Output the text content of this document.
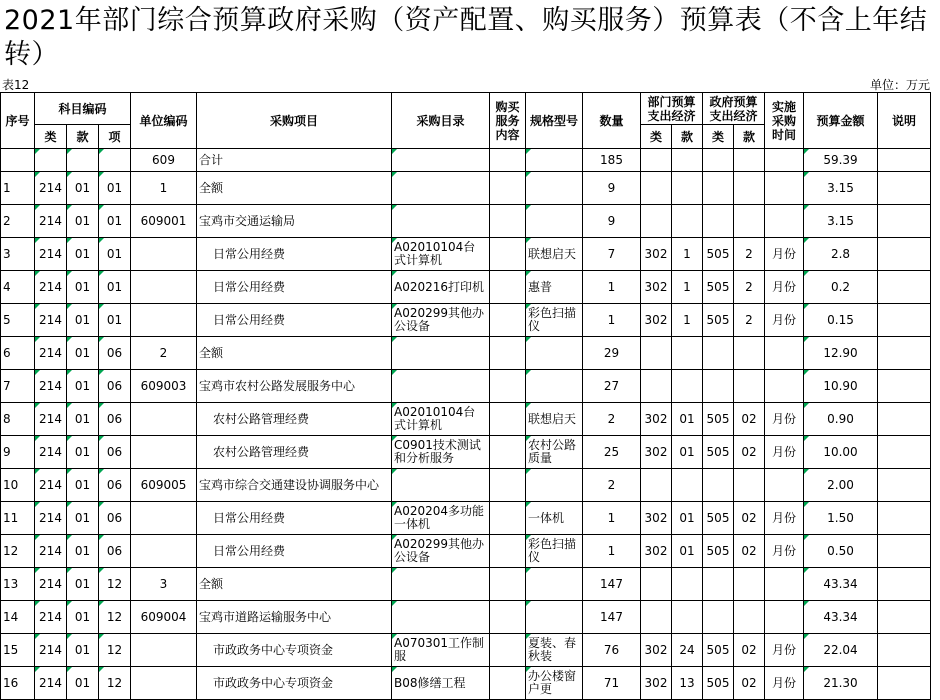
2021年部门综合预算政府采购（资产配置、购买服务）预算表（不含上年结转）
表12	单位：万元
序号	科目编码			单位编码	采购项目	采购目录	购买服务内容	规格型号	数量	部门预算支出经济		政府预算支出经济		实施采购时间	预算金额	说明
	类	款	项							类	款	类	款			
				609	合计				185						59.39	
1	214	01	01	1	全额				9						3.15	
2	214	01	01	609001	宝鸡市交通运输局				9						3.15	
3	214	01	01		日常公用经费	A02010104台式计算机		联想启天	7	302	1	505	2	月份	2.8	
4	214	01	01		日常公用经费	A020216打印机		惠普	1	302	1	505	2	月份	0.2	
5	214	01	01		日常公用经费	A020299其他办公设备		彩色扫描仪	1	302	1	505	2	月份	0.15	
6	214	01	06	2	全额				29						12.90	
7	214	01	06	609003	宝鸡市农村公路发展服务中心				27						10.90	
8	214	01	06		农村公路管理经费	A02010104台式计算机		联想启天	2	302	01	505	02	月份	0.90	
9	214	01	06		农村公路管理经费	C0901技术测试和分析服务		农村公路质量	25	302	01	505	02	月份	10.00	
10	214	01	06	609005	宝鸡市综合交通建设协调服务中心				2						2.00	
11	214	01	06		日常公用经费	A020204多功能一体机		一体机	1	302	01	505	02	月份	1.50	
12	214	01	06		日常公用经费	A020299其他办公设备		彩色扫描仪	1	302	01	505	02	月份	0.50	
13	214	01	12	3	全额				147						43.34	
14	214	01	12	609004	宝鸡市道路运输服务中心				147						43.34	
15	214	01	12		市政政务中心专项资金	A070301工作制服		夏装、春秋装	76	302	24	505	02	月份	22.04	
16	214	01	12		市政政务中心专项资金	B08修缮工程		办公楼窗户更	71	302	13	505	02	月份	21.30	
